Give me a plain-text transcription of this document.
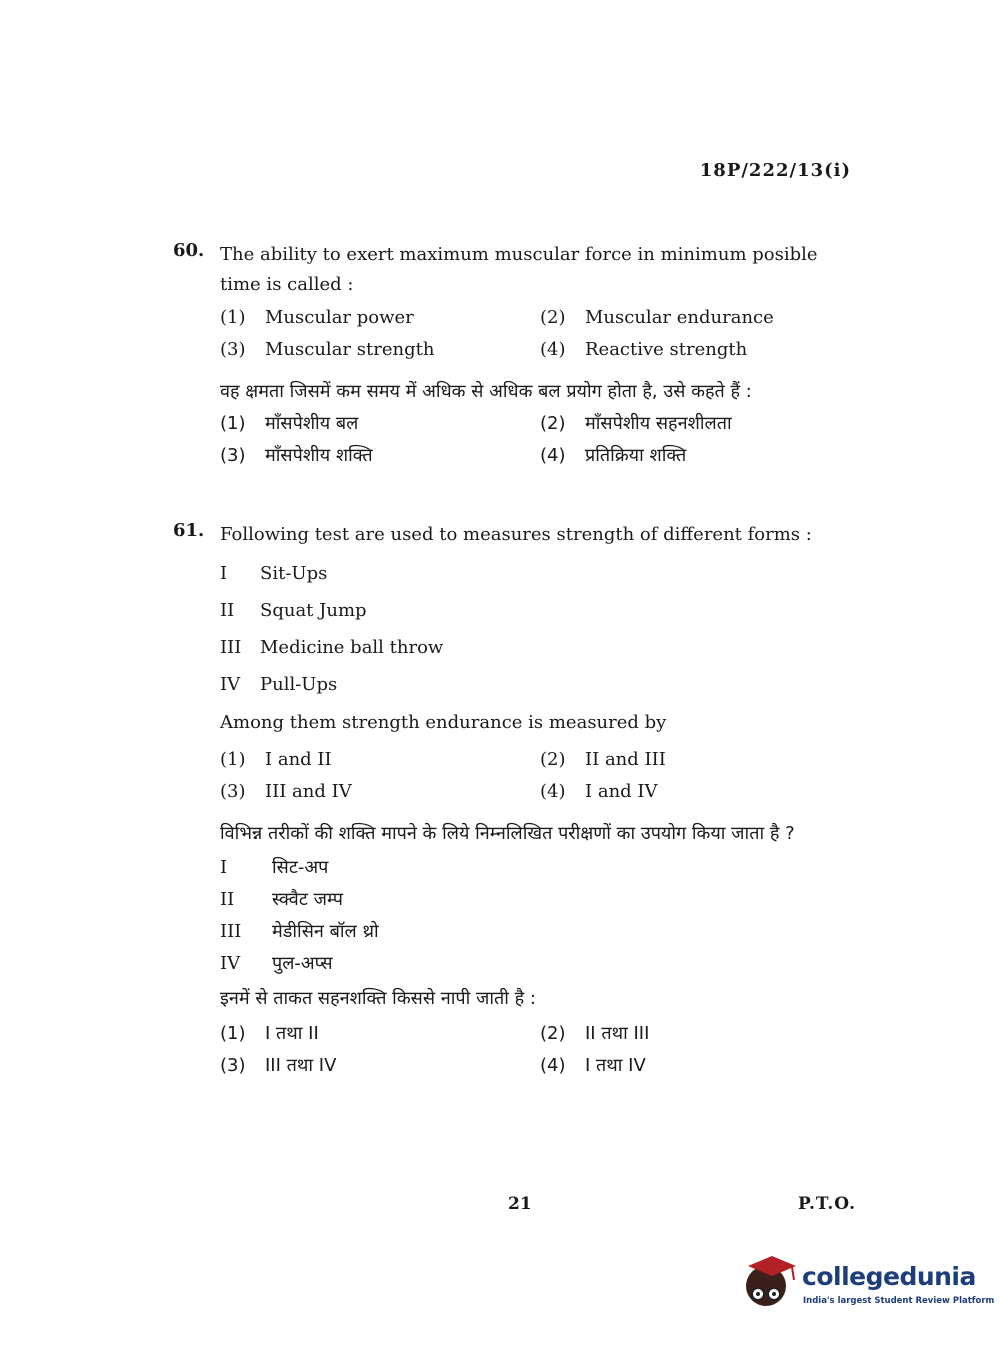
18P/222/13(i)
60. The ability to exert maximum muscular force in minimum posible time is called :
(1) Muscular power	(2) Muscular endurance
(3) Muscular strength	(4) Reactive strength
वह क्षमता जिसमें कम समय में अधिक से अधिक बल प्रयोग होता है, उसे कहते हैं :
(1) माँसपेशीय बल	(2) माँसपेशीय सहनशीलता
(3) माँसपेशीय शक्ति	(4) प्रतिक्रिया शक्ति
61. Following test are used to measures strength of different forms :
I Sit-Ups
II Squat Jump
III Medicine ball throw
IV Pull-Ups
Among them strength endurance is measured by
(1) I and II	(2) II and III
(3) III and IV	(4) I and IV
विभिन्न तरीकों की शक्ति मापने के लिये निम्नलिखित परीक्षणों का उपयोग किया जाता है ?
I सिट-अप
II स्क्वैट जम्प
III मेडीसिन बॉल थ्रो
IV पुल-अप्स
इनमें से ताकत सहनशक्ति किससे नापी जाती है :
(1) I तथा II	(2) II तथा III
(3) III तथा IV	(4) I तथा IV
21	P.T.O.
collegedunia
India's largest Student Review Platform
